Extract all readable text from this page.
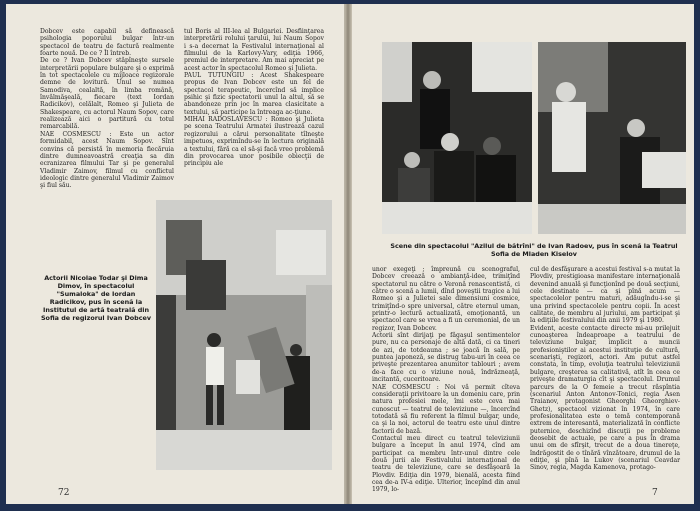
Dobcev este capabil să definească psihologia poporului bulgar într-un spectacol de teatru de factură realmente foarte nouă. De ce ? Îl întreb.

De ce ? Ivan Dobcev stăpîneşte sursele interpretării populare bulgare şi o exprimă în tot spectacolele cu mijloace regizorale demne de lovitură. Unul se numea Samodiva, cealaltă, în limba română, învălmăşeală, fiecare (text Iordan Radicikov), celălalt, Romeo şi Julieta de Shakespeare, cu actorul Naum Sopov, care realizează aici o partitură cu totul remarcabilă.

NAE COSMESCU : Este un actor formidabil, acest Naum Sopov. Sînt convins că persistă în memoria fiecăruia dintre dumneavoastră creaţia sa din ecranizarea filmului Tar şi pe generalul Vladimir Zaimov, filmul cu conflictul ideologic dintre generalul Vladimir Zaimov şi fiul său.

tul Boris al III-lea al Bulgariei. Desfiinţarea interpretării rolului ţarului, lui Naum Sopov i s-a decernat la Festivalul internaţional al filmului de la Karlovy-Vary, ediţia 1966, premiul de interpretare. Am mai apreciat pe acest actor în spectacolul Romeo şi Julieta.

PAUL TUTUNGIU : Acest Shakespeare propus de Ivan Dobcev este un fel de spectacol terapeutic, încercînd să implice psihic şi fizic spectatorii unul la altul, să se abandoneze prin joc în marea clasicitate a textului, să participe la întreaga ac-ţiune.

MIHAI RADOSLAVESCU : Romeo şi Julieta pe scena Teatrului Armatei ilustrează cazul regizorului a cărui personalitate tîlneşte impetuos, exprimîndu-se în lectura originală a textului, fără ca el să-şi facă vreo problemă din provocarea unor posibile obiecţii de principiu ale

Actorii Nicolae Todar şi Dima Dimov, în spectacolul "Sumaloka" de Iordan Radicikov, pus în scenă la Institutul de artă teatrală din Sofia de regizorul Ivan Dobcev
72
Scene din spectacolul "Azilul de bătrîni" de Ivan Radoev, pus în scenă la Teatrul Sofia de Mladen Kiselov

unor exegeţi ; împreună cu scenograful, Dobcev creează o ambianţă-idee, trimiţînd spectatorul nu către o Veronă renascentistă, ci către o scenă a lumii, dînd poveştii tragice a lui Romeo şi a Julietei sale dimensiuni cosmice, trimiţînd-o spre universal, către eternul uman, printr-o lectură actualizată, emoţionantă, un spectacol care se vrea a fi un ceremonial, de un regizor, Ivan Dobcev.

Actorii sînt dirijaţi pe făgaşul sentimentelor pure, nu ca personaje de altă dată, ci ca tineri de azi, de totdeauna ; se joacă în sală, pe puntea japoneză, se distrug tabu-uri în ceea ce priveşte prezentarea anumitor tablouri ; avem de-a face cu o viziune nouă, îndrăzneaţă, incitantă, cuceritoare.

NAE COSMESCU : Noi vă permit cîteva consideraţii privitoare la un domeniu care, prin natura profesiei mele, îmi este ceva mai cunoscut — teatrul de televiziune —, încercînd totodată să fiu referent la filmul bulgar, unde, ca şi la noi, actorul de teatru este unul dintre factorii de bază.

Contactul meu direct cu teatrul televiziunii bulgare a început în anul 1974, cînd am participat ca membru într-unul dintre cele două jurii ale Festivalului internaţional de teatru de televiziune, care se desfăşoară la Plovdiv. Ediţia din 1979, bienală, acesta fiind cea de-a IV-a ediţie. Ulterior, începînd din anul 1979, lo-

cul de desfăşurare a acestui festival s-a mutat la Plovdiv, prestigioasa manifestare internaţională devenind anuală şi funcţionînd pe două secţiuni, cele destinate — ca şi pînă acum — spectacolelor pentru maturi, adăugîndu-i-se şi una privind spectacolele pentru copii. În acest calitate, de membru al juriului, am participat şi la ediţiile festivalului din anii 1979 şi 1980.

Evident, aceste contacte directe mi-au prilejuit cunoaşterea îndeaproape a teatrului de televiziune bulgar, implicit a muncii profesioniştilor ai acestui instituţie de cultură, scenarişti, regizori, actori. Am putut astfel constata, în timp, evoluţia teatrului televiziunii bulgare, creşterea sa calitativă, atît în ceea ce priveşte dramaturgia cît şi spectacolul. Drumul parcurs de la O femeie a trecut răspîntia (scenariul Anton Antonov-Tonici, regia Asen Traianov, protagonist Gheorghi Gheorghiev-Ghetz), spectacol vizionat în 1974, în care profesionalitatea este o temă contemporană extrem de interesantă, materializată în conflicte puternice, deschizînd discuţii pe probleme deosebit de actuale, pe care a pus în drama unui om de sfîrşit, trecut de a doua tinereţe, îndrăgostit de o tînără vînzătoare, drumul de la ediţie, şi pînă la Lukov (scenariul Ceavdar Sinov, regia, Magda Kamenova, protago-

7
